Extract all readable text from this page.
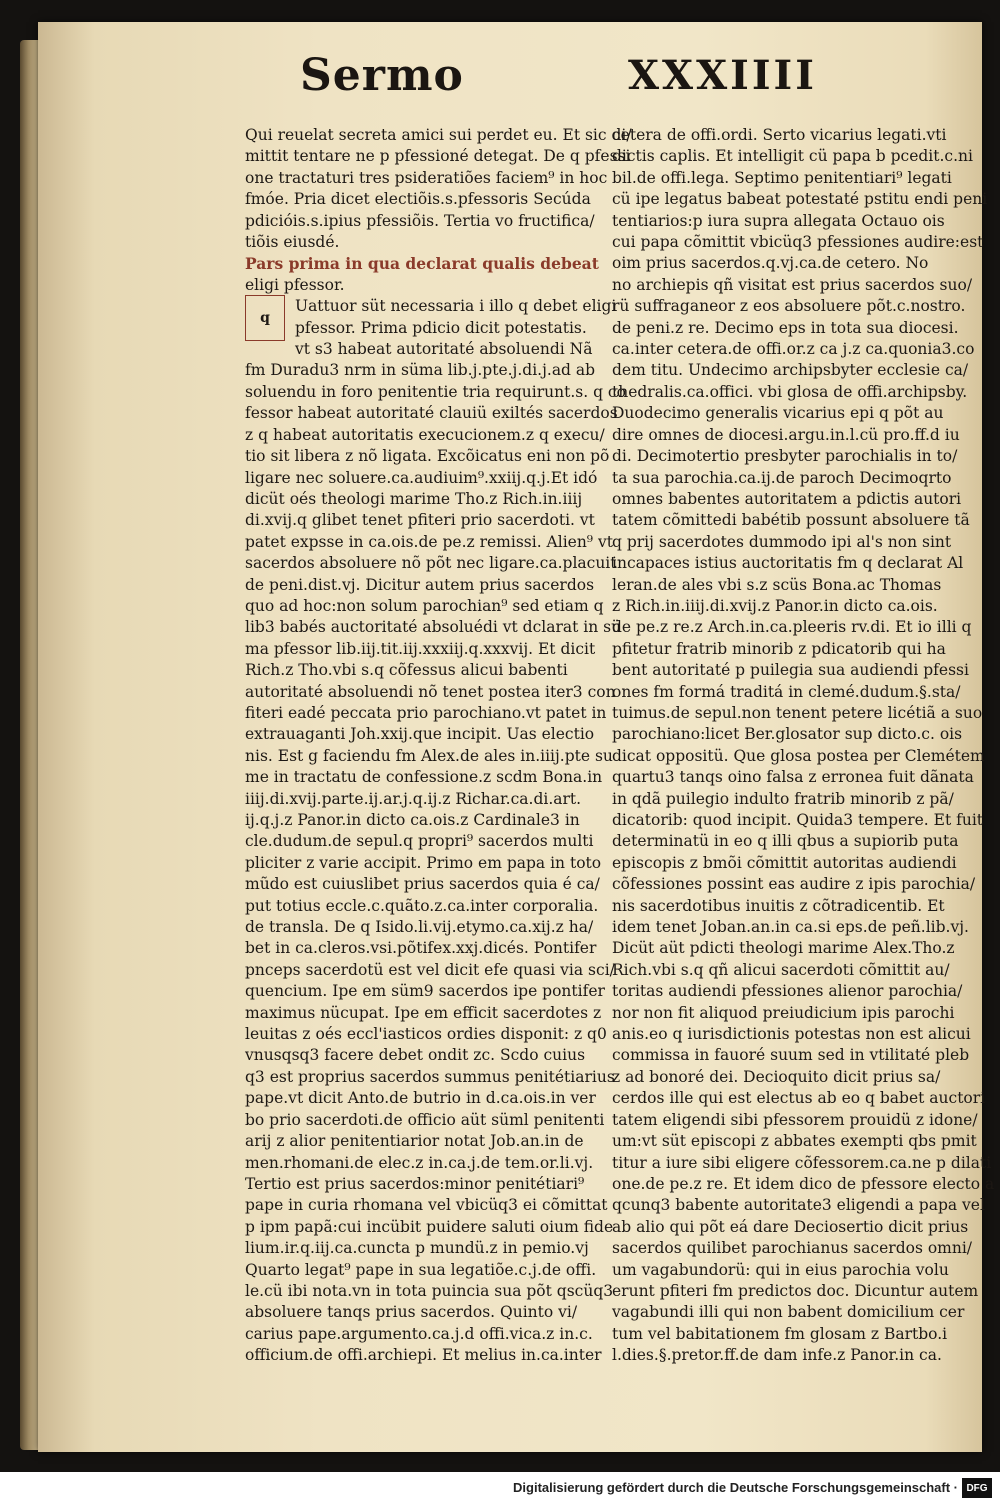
Sermo	XXXIIII
Qui reuelat secreta amici sui perdet eu. Et sic di/
mittit tentare ne p pfessioné detegat. De q pfessi
one tractaturi tres psideratiões faciem⁹ in hoc
fmóe. Pria dicet electiõis.s.pfessoris Secúda
pdicióis.s.ipius pfessiõis. Tertia vo fructifica/
tiõis eiusdé.
Pars prima in qua declarat qualis debeat
eligi pfessor.
Uattuor süt necessaria i illo q debet eligi
pfessor. Prima pdicio dicit potestatis.
vt s3 habeat autoritaté absoluendi Nã
fm Duradu3 nrm in süma lib.j.pte.j.di.j.ad ab
soluendu in foro penitentie tria requirunt.s. q co
fessor habeat autoritaté clauiü exiltés sacerdos
z q habeat autoritatis execucionem.z q execu/
tio sit libera z nõ ligata. Excõicatus eni non põ
ligare nec soluere.ca.audiuim⁹.xxiij.q.j.Et idó
dicüt oés theologi marime Tho.z Rich.in.iiij
di.xvij.q glibet tenet pfiteri prio sacerdoti. vt
patet expsse in ca.ois.de pe.z remissi. Alien⁹ vt
sacerdos absoluere nõ põt nec ligare.ca.placuit
de peni.dist.vj. Dicitur autem prius sacerdos
quo ad hoc:non solum parochian⁹ sed etiam q
lib3 babés auctoritaté absoluédi vt dclarat in sü
ma pfessor lib.iij.tit.iij.xxxiij.q.xxxvij. Et dicit
Rich.z Tho.vbi s.q cõfessus alicui babenti
autoritaté absoluendi nõ tenet postea iter3 con
fiteri eadé peccata prio parochiano.vt patet in
extrauaganti Joh.xxij.que incipit. Uas electio
nis. Est g faciendu fm Alex.de ales in.iiij.pte su
me in tractatu de confessione.z scdm Bona.in
iiij.di.xvij.parte.ij.ar.j.q.ij.z Richar.ca.di.art.
ij.q.j.z Panor.in dicto ca.ois.z Cardinale3 in
cle.dudum.de sepul.q propri⁹ sacerdos multi
pliciter z varie accipit. Primo em papa in toto
mũdo est cuiuslibet prius sacerdos quia é ca/
put totius eccle.c.quãto.z.ca.inter corporalia.
de transla. De q Isido.li.vij.etymo.ca.xij.z ha/
bet in ca.cleros.vsi.põtifex.xxj.dicés. Pontifer
pnceps sacerdotü est vel dicit efe quasi via sci/
quencium. Ipe em süm9 sacerdos ipe pontifer
maximus nücupat. Ipe em efficit sacerdotes z
leuitas z oés eccl'iasticos ordies disponit: z q0
vnusqsq3 facere debet ondit zc. Scdo cuius
q3 est proprius sacerdos summus penitétiarius
pape.vt dicit Anto.de butrio in d.ca.ois.in ver
bo prio sacerdoti.de officio aüt süml penitenti
arij z alior penitentiarior notat Job.an.in de
men.rhomani.de elec.z in.ca.j.de tem.or.li.vj.
Tertio est prius sacerdos:minor penitétiari⁹
pape in curia rhomana vel vbicüq3 ei cõmittat
p ipm papã:cui incübit puidere saluti oium fide
lium.ir.q.iij.ca.cuncta p mundü.z in pemio.vj
Quarto legat⁹ pape in sua legatiõe.c.j.de offi.
le.cü ibi nota.vn in tota puincia sua põt qscüq3
absoluere tanqs prius sacerdos. Quinto vi/
carius pape.argumento.ca.j.d offi.vica.z in.c.
officium.de offi.archiepi. Et melius in.ca.inter
cetera de offi.ordi. Serto vicarius legati.vti
dictis caplis. Et intelligit cü papa b pcedit.c.ni
bil.de offi.lega. Septimo penitentiari⁹ legati
cü ipe legatus babeat potestaté pstitu endi peni
tentiarios:p iura supra allegata Octauo ois
cui papa cõmittit vbicüq3 pfessiones audire:est
oim prius sacerdos.q.vj.ca.de cetero. No
no archiepis qñ visitat est prius sacerdos suo/
rü suffraganeor z eos absoluere põt.c.nostro.
de peni.z re. Decimo eps in tota sua diocesi.
ca.inter cetera.de offi.or.z ca j.z ca.quonia3.co
dem titu. Undecimo archipsbyter ecclesie ca/
thedralis.ca.offici. vbi glosa de offi.archipsby.
Duodecimo generalis vicarius epi q põt au
dire omnes de diocesi.argu.in.l.cü pro.ff.d iu
di. Decimotertio presbyter parochialis in to/
ta sua parochia.ca.ij.de paroch Decimoqrto
omnes babentes autoritatem a pdictis autori
tatem cõmittedi babétib possunt absoluere tã
q prij sacerdotes dummodo ipi al's non sint
incapaces istius auctoritatis fm q declarat Al
leran.de ales vbi s.z scüs Bona.ac Thomas
z Rich.in.iiij.di.xvij.z Panor.in dicto ca.ois.
de pe.z re.z Arch.in.ca.pleeris rv.di. Et io illi q
pfitetur fratrib minorib z pdicatorib qui ha
bent autoritaté p puilegia sua audiendi pfessi
ones fm formá traditá in clemé.dudum.§.sta/
tuimus.de sepul.non tenent petere licétiã a suo
parochiano:licet Ber.glosator sup dicto.c. ois
dicat oppositü. Que glosa postea per Clemétem
quartu3 tanqs oino falsa z erronea fuit dãnata
in qdã puilegio indulto fratrib minorib z pã/
dicatorib: quod incipit. Quida3 tempere. Et fuit
determinatü in eo q illi qbus a supiorib puta
episcopis z bmõi cõmittit autoritas audiendi
cõfessiones possint eas audire z ipis parochia/
nis sacerdotibus inuitis z cõtradicentib. Et
idem tenet Joban.an.in ca.si eps.de peñ.lib.vj.
Dicüt aüt pdicti theologi marime Alex.Tho.z
Rich.vbi s.q qñ alicui sacerdoti cõmittit au/
toritas audiendi pfessiones alienor parochia/
nor non fit aliquod preiudicium ipis parochi
anis.eo q iurisdictionis potestas non est alicui
commissa in fauoré suum sed in vtilitaté pleb
z ad bonoré dei. Decioquito dicit prius sa/
cerdos ille qui est electus ab eo q babet auctori
tatem eligendi sibi pfessorem prouidü z idone/
um:vt süt episcopi z abbates exempti qbs pmit
titur a iure sibi eligere cõfessorem.ca.ne p dilati
one.de pe.z re. Et idem dico de pfessore electo a
qcunq3 babente autoritate3 eligendi a papa vel
ab alio qui põt eá dare Deciosertio dicit prius
sacerdos quilibet parochianus sacerdos omni/
um vagabundorü: qui in eius parochia volu
erunt pfiteri fm predictos doc. Dicuntur autem
vagabundi illi qui non babent domicilium cer
tum vel babitationem fm glosam z Bartbo.i
l.dies.§.pretor.ff.de dam infe.z Panor.in ca.
q
Digitalisierung gefördert durch die Deutsche Forschungsgemeinschaft · DFG
